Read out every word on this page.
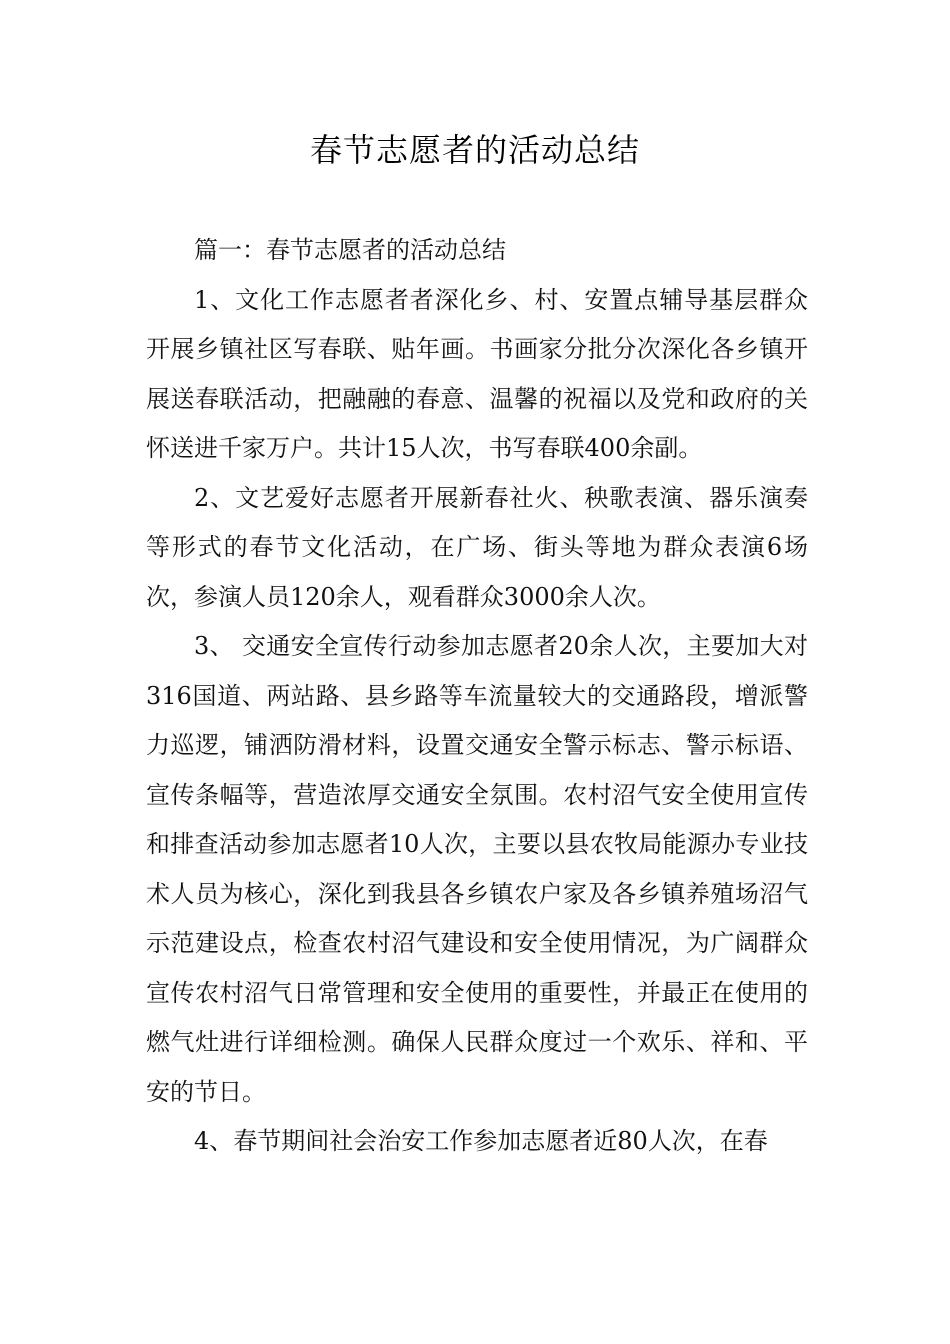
春节志愿者的活动总结

篇一：春节志愿者的活动总结

1、文化工作志愿者者深化乡、村、安置点辅导基层群众开展乡镇社区写春联、贴年画。书画家分批分次深化各乡镇开展送春联活动，把融融的春意、温馨的祝福以及党和政府的关怀送进千家万户。共计15人次，书写春联400余副。

2、文艺爱好志愿者开展新春社火、秧歌表演、器乐演奏等形式的春节文化活动，在广场、街头等地为群众表演6场次，参演人员120余人，观看群众3000余人次。

3、 交通安全宣传行动参加志愿者20余人次，主要加大对316国道、两站路、县乡路等车流量较大的交通路段，增派警力巡逻，铺洒防滑材料，设置交通安全警示标志、警示标语、宣传条幅等，营造浓厚交通安全氛围。农村沼气安全使用宣传和排查活动参加志愿者10人次，主要以县农牧局能源办专业技术人员为核心，深化到我县各乡镇农户家及各乡镇养殖场沼气示范建设点，检查农村沼气建设和安全使用情况，为广阔群众宣传农村沼气日常管理和安全使用的重要性，并最正在使用的燃气灶进行详细检测。确保人民群众度过一个欢乐、祥和、平安的节日。

4、春节期间社会治安工作参加志愿者近80人次，在春
